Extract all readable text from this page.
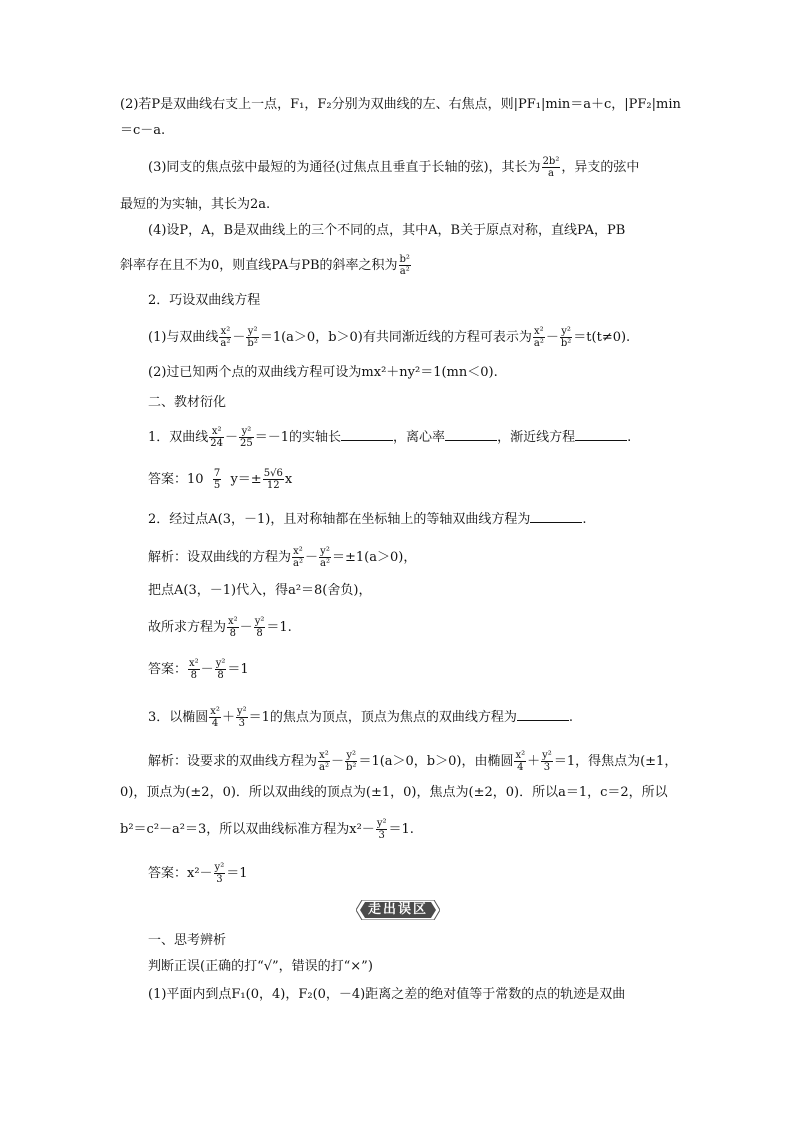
(2)若P是双曲线右支上一点，F₁，F₂分别为双曲线的左、右焦点，则|PF₁|min＝a＋c，|PF₂|min
＝c－a.
(3)同支的焦点弦中最短的为通径(过焦点且垂直于长轴的弦)，其长为 $\frac{\text{2b²}}{a}$ ，异支的弦中
最短的为实轴，其长为2a.
(4)设P，A，B是双曲线上的三个不同的点，其中A，B关于原点对称，直线PA，PB
斜率存在且不为0，则直线PA与PB的斜率之积为 $\frac{\text{b²}}{\text{a²}}$
2．巧设双曲线方程
(1)与双曲线 $\frac{\text{x²}}{\text{a²}} - \frac{\text{y²}}{\text{b²}} =1(a>0$，b＞0)有共同渐近线的方程可表示为 $\frac{\text{x²}}{\text{a²}} - \frac{\text{y²}}{\text{b²}} =t(t\ne 0)$.
(2)过已知两个点的双曲线方程可设为mx²＋ny²＝1(mn＜0).
二、教材衍化
1．双曲线 $\frac{\text{x²}}{24} - \frac{\text{y²}}{25} =-1$的实轴长	，离心率	，渐近线方程	.
答案：$10 \frac{7}{5} y=\pm \frac{5√6}{12}$ x
2．经过点A(3，－1)，且对称轴都在坐标轴上的等轴双曲线方程为	.
解析：设双曲线的方程为 $\frac{\text{x²}}{\text{a²}} - \frac{\text{y²}}{\text{a²}} =\pm 1(a>0)$，
把点A(3，－1)代入，得a²＝8(舍负)，
故所求方程为 $\frac{\text{x²}}{8} - \frac{\text{y²}}{8} =1$.
答案： $\frac{\text{x²}}{8} - \frac{\text{y²}}{8} =1$
3．以椭圆 $\frac{\text{x²}}{4} + \frac{\text{y²}}{3} =1$的焦点为顶点，顶点为焦点的双曲线方程为	.
解析：设要求的双曲线方程为 $\frac{\text{x²}}{\text{a²}} - \frac{\text{y²}}{\text{b²}} =1(a>0$，b＞0)，由椭圆 $\frac{\text{x²}}{4} + \frac{\text{y²}}{3} =1$，得焦点为(±1，
0)，顶点为(±2，0)．所以双曲线的顶点为(±1，0)，焦点为(±2，0)．所以a＝1，c＝2，所以
b²＝c²－a²＝3，所以双曲线标准方程为$x^2- \frac{\text{y²}}{3} =1$.
答案：$x^2- \frac{\text{y²}}{3} =1$
走出误区
一、思考辨析
判断正误(正确的打“√”，错误的打“×”)
(1)平面内到点F₁(0，4)，F₂(0，－4)距离之差的绝对值等于常数的点的轨迹是双曲
